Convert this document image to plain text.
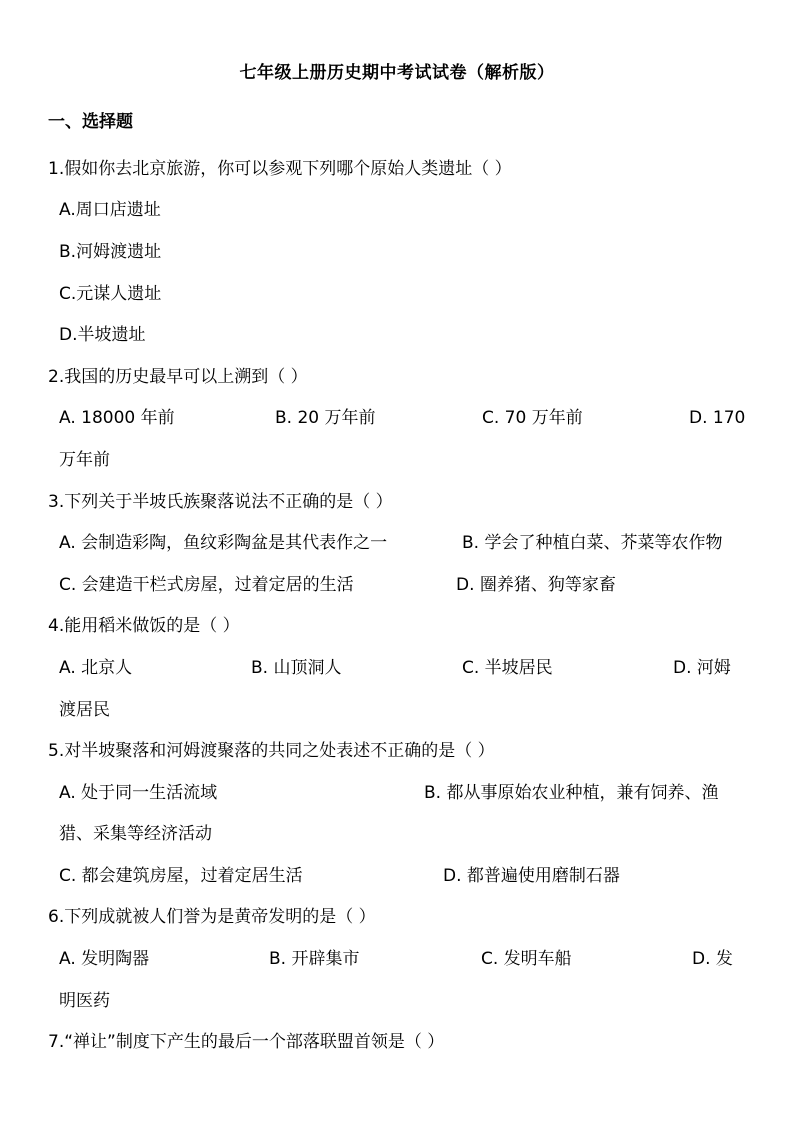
七年级上册历史期中考试试卷（解析版）
一、选择题
1.假如你去北京旅游，你可以参观下列哪个原始人类遗址（ ）
A.周口店遗址
B.河姆渡遗址
C.元谋人遗址
D.半坡遗址
2.我国的历史最早可以上溯到（ ）
A. 18000 年前	B. 20 万年前	C. 70 万年前	D. 170
万年前
3.下列关于半坡氏族聚落说法不正确的是（ ）
A. 会制造彩陶，鱼纹彩陶盆是其代表作之一	B. 学会了种植白菜、芥菜等农作物
C. 会建造干栏式房屋，过着定居的生活	D. 圈养猪、狗等家畜
4.能用稻米做饭的是（ ）
A. 北京人	B. 山顶洞人	C. 半坡居民	D. 河姆
渡居民
5.对半坡聚落和河姆渡聚落的共同之处表述不正确的是（ ）
A. 处于同一生活流域	B. 都从事原始农业种植，兼有饲养、渔
猎、采集等经济活动
C. 都会建筑房屋，过着定居生活	D. 都普遍使用磨制石器
6.下列成就被人们誉为是黄帝发明的是（ ）
A. 发明陶器	B. 开辟集市	C. 发明车船	D. 发
明医药
7.“禅让”制度下产生的最后一个部落联盟首领是（ ）
